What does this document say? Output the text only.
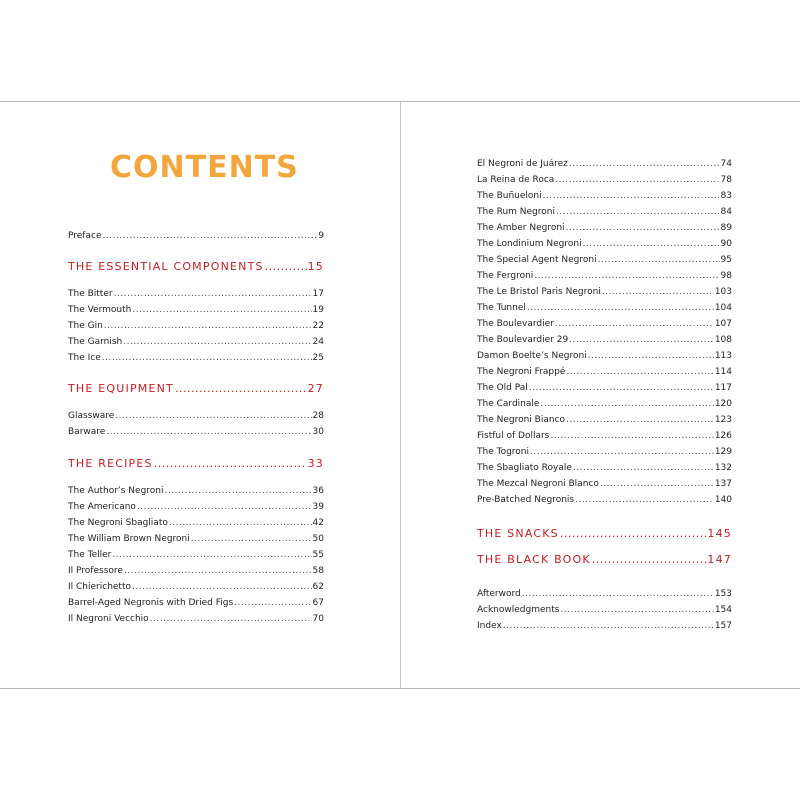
CONTENTS
Preface .....	9
THE ESSENTIAL COMPONENTS .....	15
The Bitter .....	17
The Vermouth .....	19
The Gin .....	22
The Garnish .....	24
The Ice .....	25
THE EQUIPMENT .....	27
Glassware .....	28
Barware .....	30
THE RECIPES .....	33
The Author’s Negroni .....	36
The Americano .....	39
The Negroni Sbagliato .....	42
The William Brown Negroni .....	50
The Teller .....	55
Il Professore .....	58
Il Chierichetto .....	62
Barrel-Aged Negronis with Dried Figs .....	67
Il Negroni Vecchio .....	70
El Negroni de Juárez .....	74
La Reina de Roca .....	78
The Buñueloni .....	83
The Rum Negroni .....	84
The Amber Negroni .....	89
The Londinium Negroni .....	90
The Special Agent Negroni .....	95
The Fergroni .....	98
The Le Bristol Paris Negroni .....	103
The Tunnel .....	104
The Boulevardier .....	107
The Boulevardier 29 .....	108
Damon Boelte’s Negroni .....	113
The Negroni Frappé .....	114
The Old Pal .....	117
The Cardinale .....	120
The Negroni Bianco .....	123
Fistful of Dollars .....	126
The Togroni .....	129
The Sbagliato Royale .....	132
The Mezcal Negroni Blanco .....	137
Pre-Batched Negronis .....	140
THE SNACKS .....	145
THE BLACK BOOK .....	147
Afterword .....	153
Acknowledgments .....	154
Index .....	157
